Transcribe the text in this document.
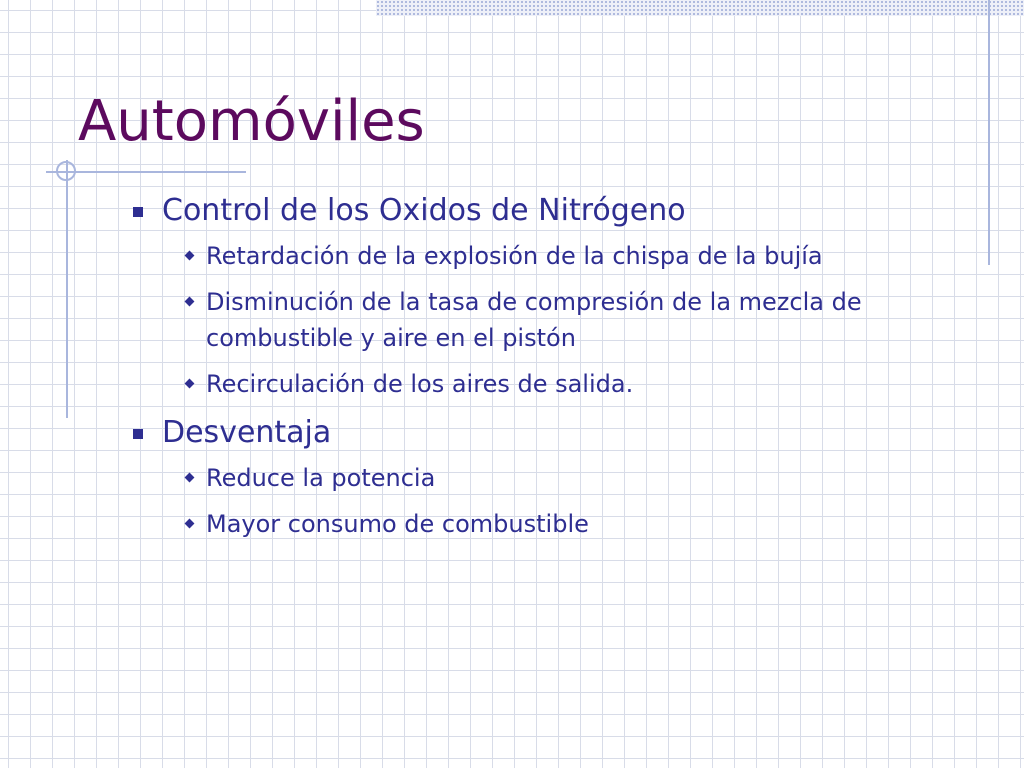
Automóviles
Control de los Oxidos de Nitrógeno
Retardación de la explosión de la chispa de la bujía
Disminución de la tasa de compresión de la mezcla de combustible y aire en el pistón
Recirculación de los aires de salida.
Desventaja
Reduce la potencia
Mayor consumo de combustible
